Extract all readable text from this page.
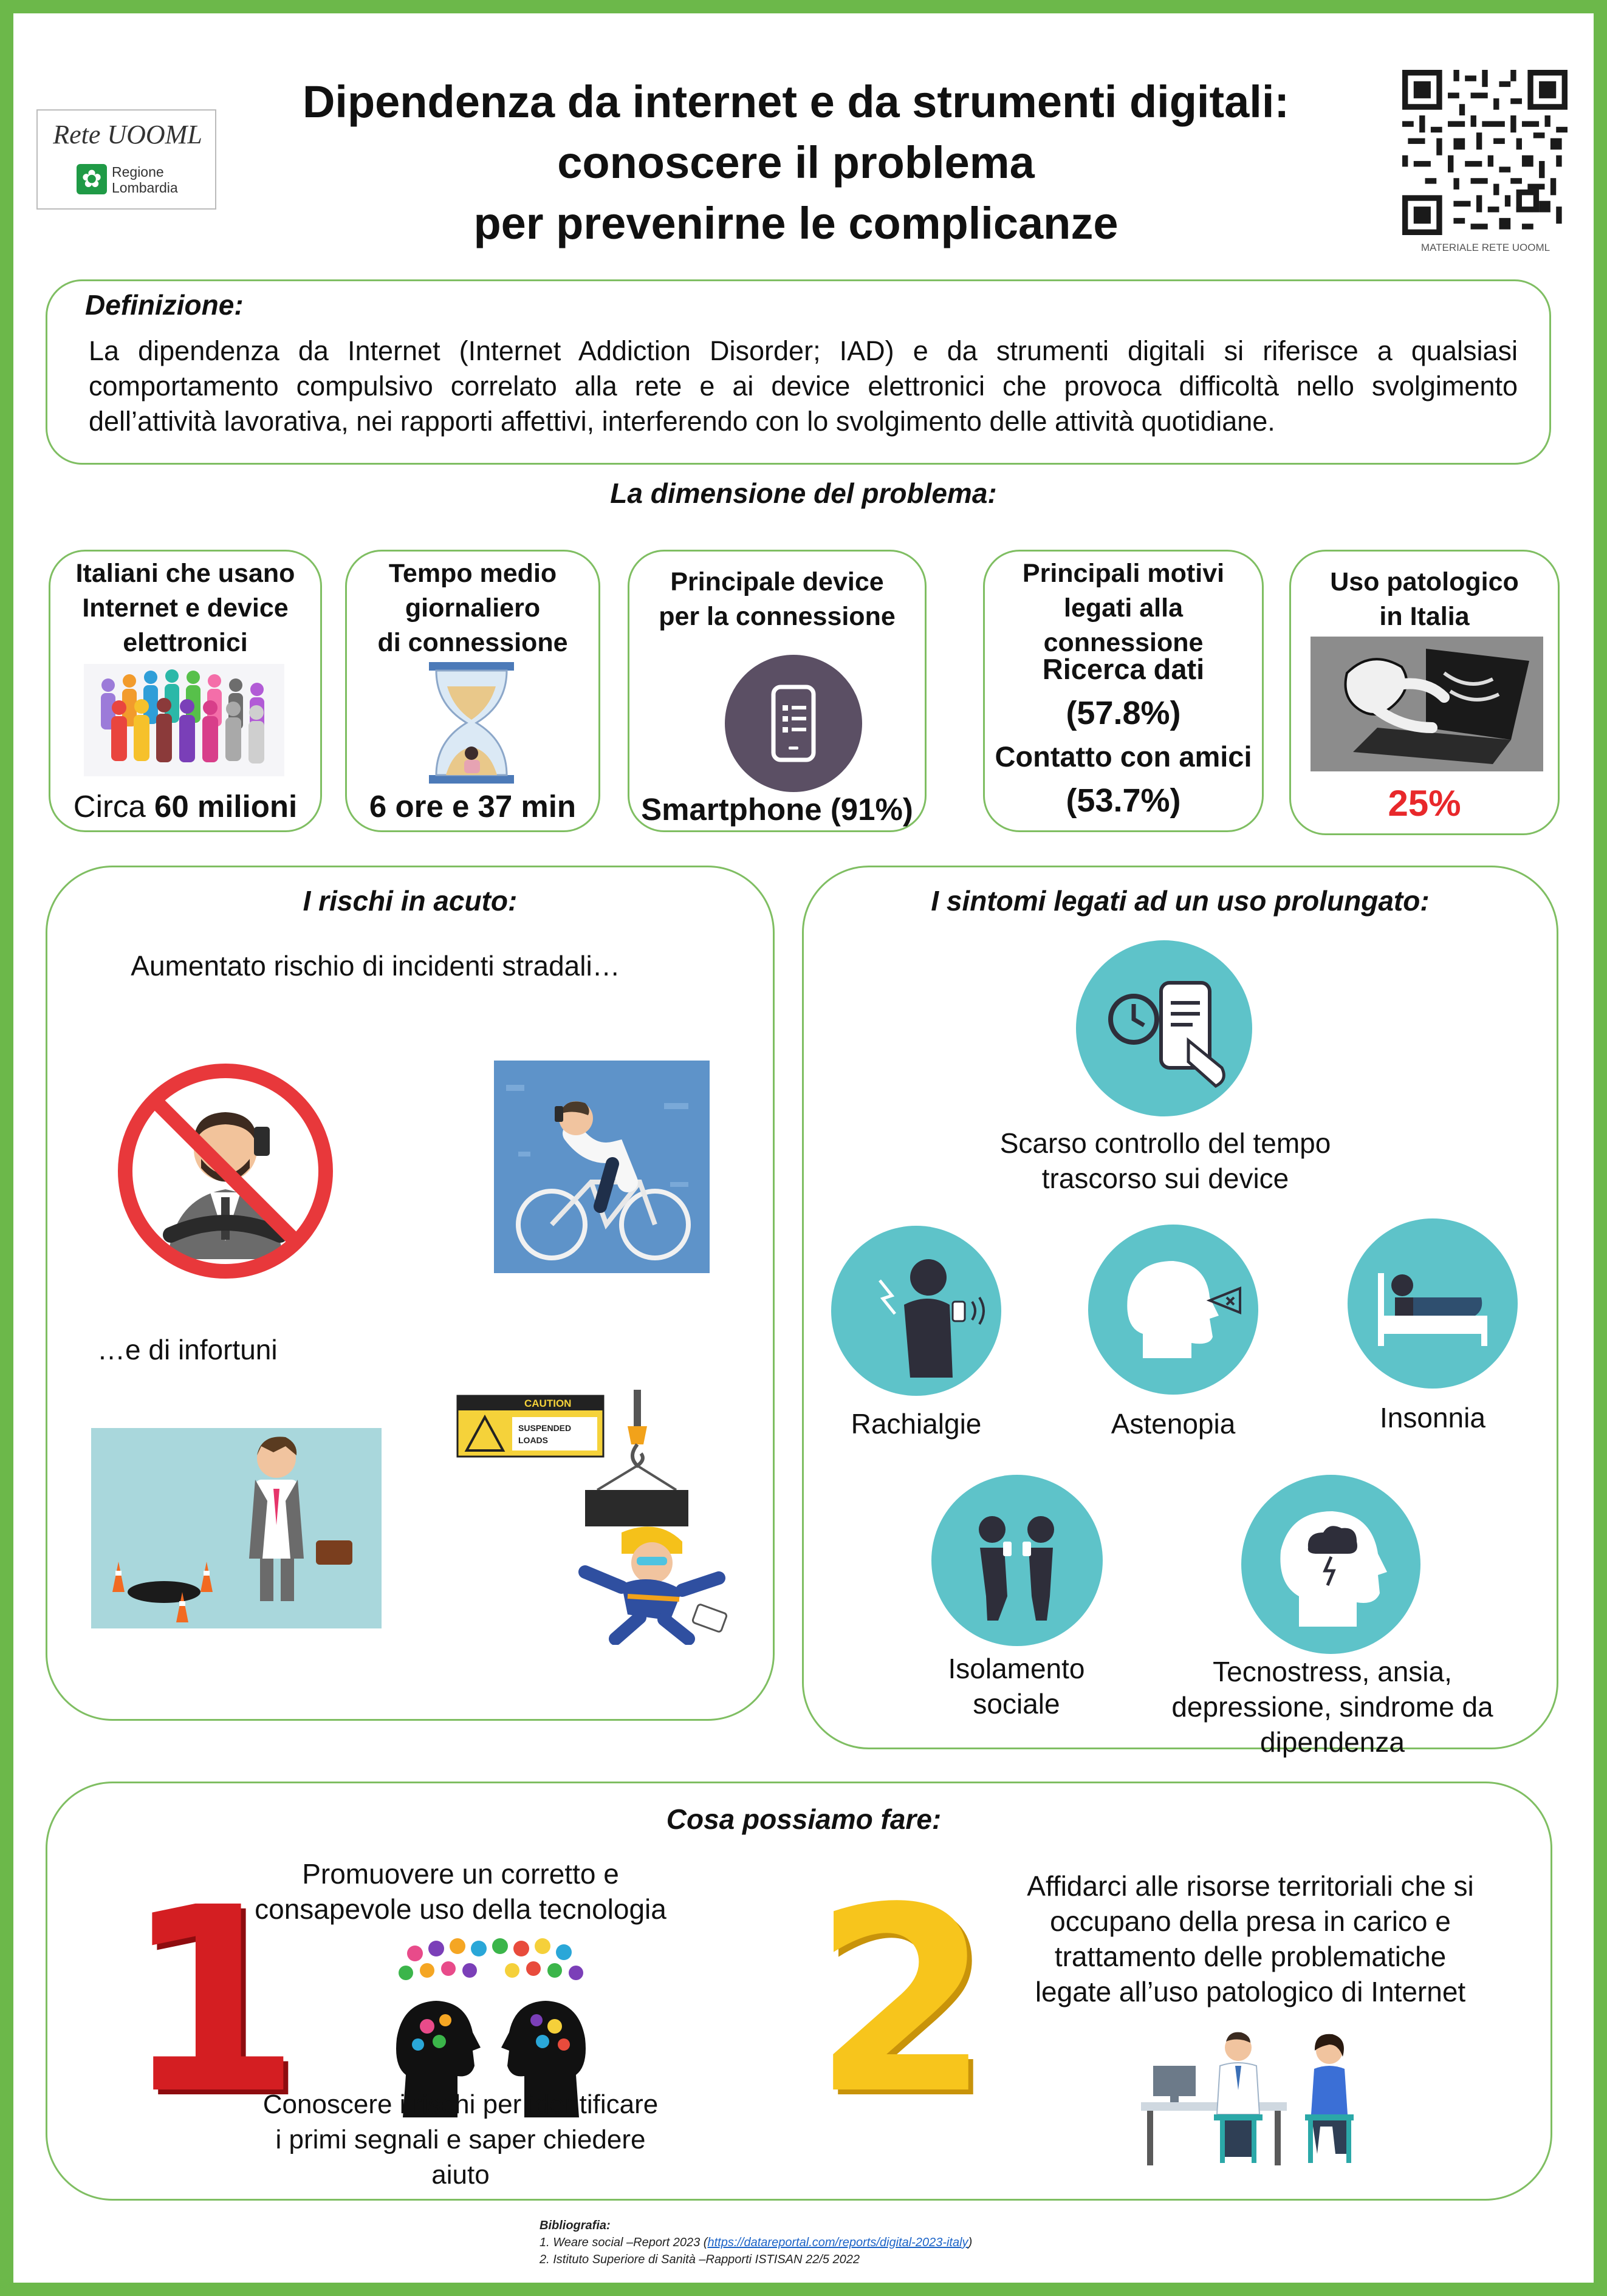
Rete UOOML
✿ Regione
Lombardia
Dipendenza da internet e da strumenti digitali:
conoscere il problema
per prevenirne le complicanze	MATERIALE RETE UOOML
Definizione:
La dipendenza da Internet (Internet Addiction Disorder; IAD) e da strumenti digitali si riferisce a qualsiasi comportamento compulsivo correlato alla rete e ai device elettronici che provoca difficoltà nello svolgimento dell’attività lavorativa, nei rapporti affettivi, interferendo con lo svolgimento delle attività quotidiane.
La dimensione del problema:
Italiani che usano
Internet e device
elettronici
Circa 60 milioni
Tempo medio
giornaliero
di connessione
6 ore e 37 min
Principale device
per la connessione
Smartphone (91%)
Principali motivi
legati alla connessione
Ricerca dati
(57.8%)
Contatto con amici
(53.7%)
Uso patologico
in Italia
25%
I rischi in acuto:
Aumentato rischio di incidenti stradali…
…e di infortuni
CAUTION
SUSPENDED
LOADS
I sintomi legati ad un uso prolungato:
Scarso controllo del tempo trascorso sui device
Rachialgie	Astenopia	Insonnia
Isolamento sociale
Tecnostress, ansia, depressione, sindrome da dipendenza
Cosa possiamo fare:
1 Promuovere un corretto e
consapevole uso della tecnologia
Conoscere i rischi per identificare
i primi segnali e saper chiedere aiuto
2	Affidarci alle risorse territoriali che si
occupano della presa in carico e
trattamento delle problematiche
legate all’uso patologico di Internet
Bibliografia:
1. Weare social –Report 2023 (https://datareportal.com/reports/digital-2023-italy)
2. Istituto Superiore di Sanità –Rapporti ISTISAN 22/5 2022
